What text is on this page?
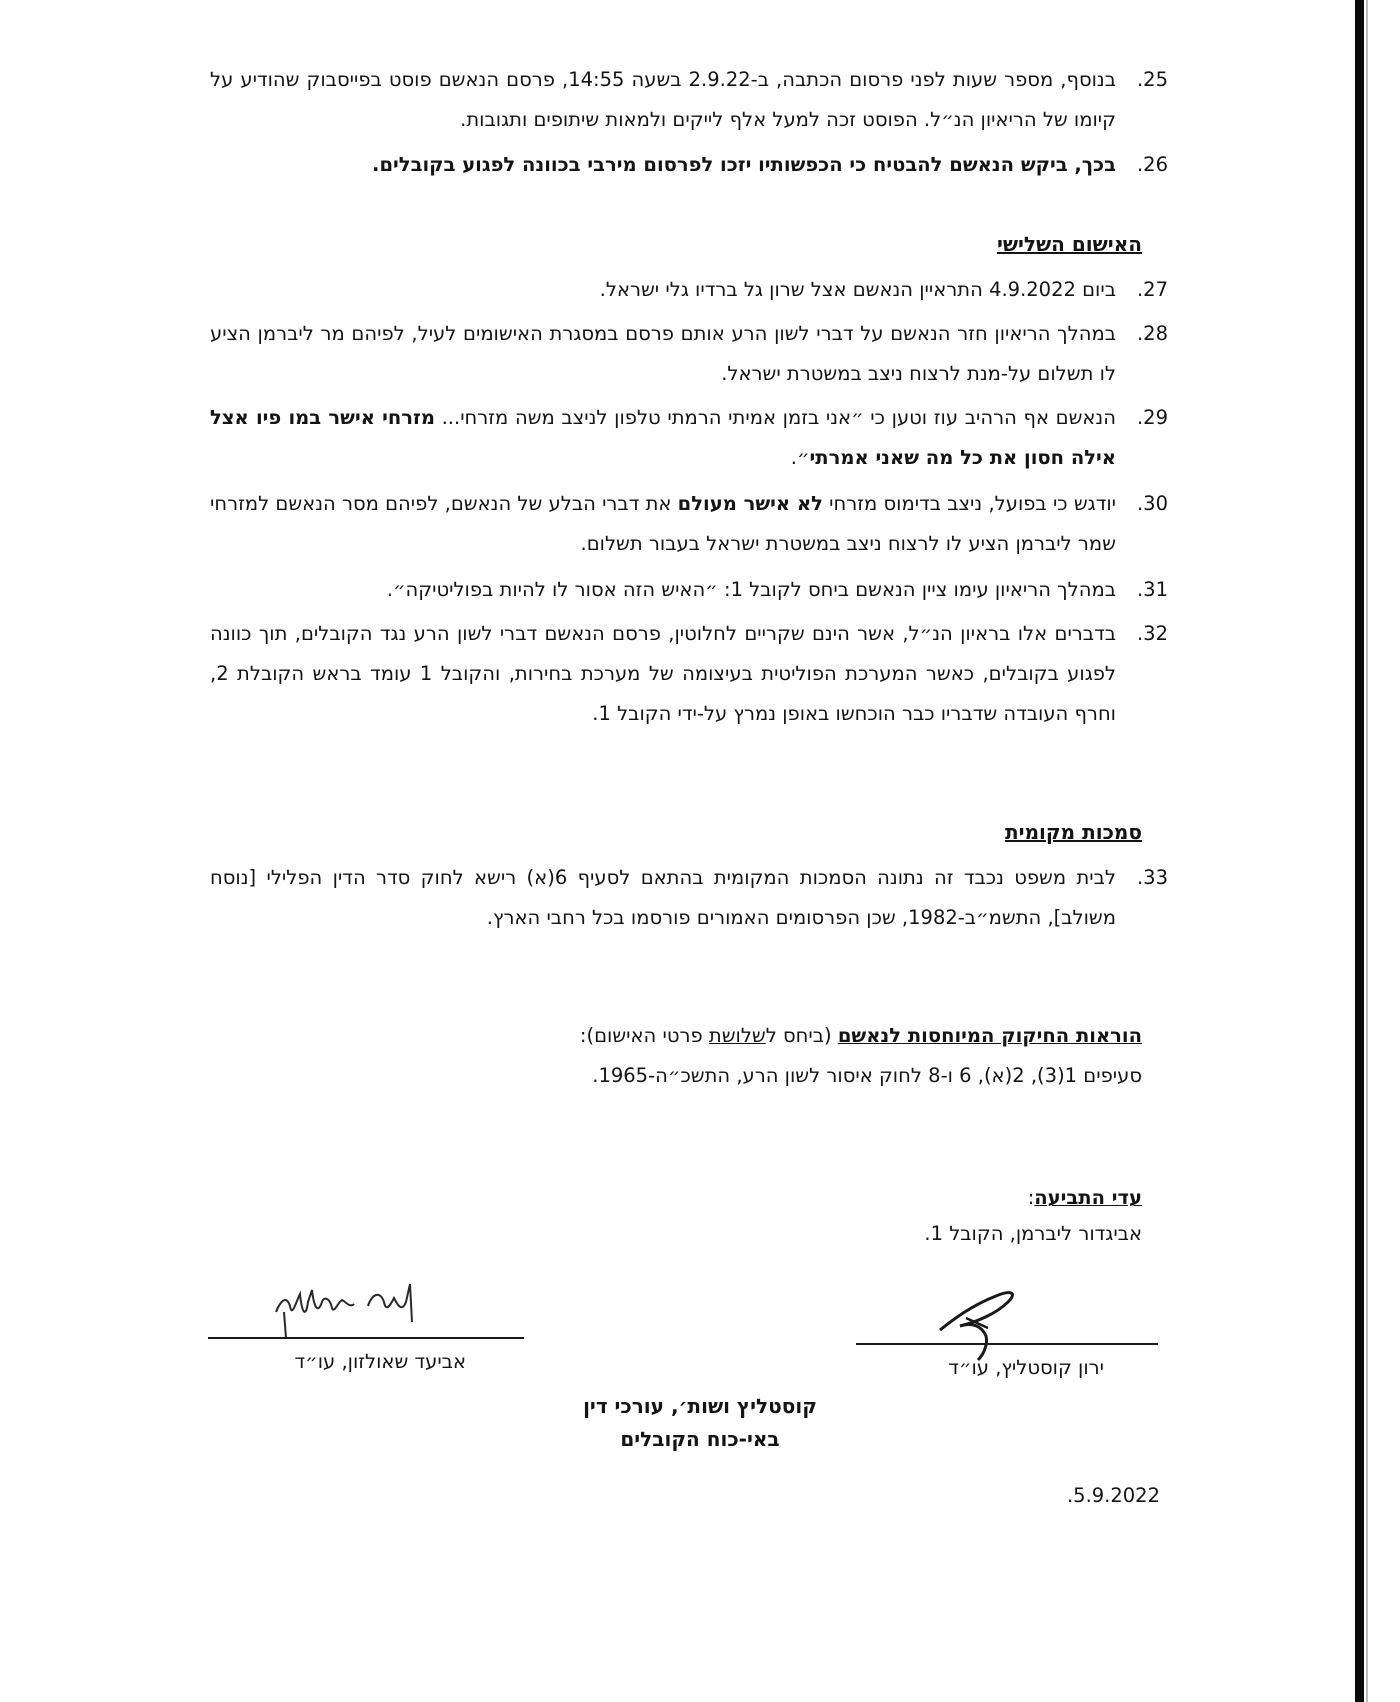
25.
בנוסף, מספר שעות לפני פרסום הכתבה, ב-2.9.22 בשעה 14:55, פרסם הנאשם פוסט בפייסבוק שהודיע על קיומו של הריאיון הנ״ל. הפוסט זכה למעל אלף לייקים ולמאות שיתופים ותגובות.
26.
בכך, ביקש הנאשם להבטיח כי הכפשותיו יזכו לפרסום מירבי בכוונה לפגוע בקובלים.
האישום השלישי
27.
ביום 4.9.2022 התראיין הנאשם אצל שרון גל ברדיו גלי ישראל.
28.
במהלך הריאיון חזר הנאשם על דברי לשון הרע אותם פרסם במסגרת האישומים לעיל, לפיהם מר ליברמן הציע לו תשלום על-מנת לרצוח ניצב במשטרת ישראל.
29.
הנאשם אף הרהיב עוז וטען כי ״אני בזמן אמיתי הרמתי טלפון לניצב משה מזרחי... מזרחי אישר במו פיו אצל אילה חסון את כל מה שאני אמרתי״.
30.
יודגש כי בפועל, ניצב בדימוס מזרחי לא אישר מעולם את דברי הבלע של הנאשם, לפיהם מסר הנאשם למזרחי שמר ליברמן הציע לו לרצוח ניצב במשטרת ישראל בעבור תשלום.
31.
במהלך הריאיון עימו ציין הנאשם ביחס לקובל 1: ״האיש הזה אסור לו להיות בפוליטיקה״.
32.
בדברים אלו בראיון הנ״ל, אשר הינם שקריים לחלוטין, פרסם הנאשם דברי לשון הרע נגד הקובלים, תוך כוונה לפגוע בקובלים, כאשר המערכת הפוליטית בעיצומה של מערכת בחירות, והקובל 1 עומד בראש הקובלת 2, וחרף העובדה שדבריו כבר הוכחשו באופן נמרץ על-ידי הקובל 1.
סמכות מקומית
33.
לבית משפט נכבד זה נתונה הסמכות המקומית בהתאם לסעיף 6(א) רישא לחוק סדר הדין הפלילי [נוסח משולב], התשמ״ב-1982, שכן הפרסומים האמורים פורסמו בכל רחבי הארץ.
הוראות החיקוק המיוחסות לנאשם (ביחס לשלושת פרטי האישום):
סעיפים 1(3), 2(א), 6 ו-8 לחוק איסור לשון הרע, התשכ״ה-1965.
עדי התביעה:
אביגדור ליברמן, הקובל 1.
אביעד שאולזון, עו״ד	ירון קוסטליץ, עו״ד
קוסטליץ ושות׳, עורכי דין
באי-כוח הקובלים
5.9.2022.
